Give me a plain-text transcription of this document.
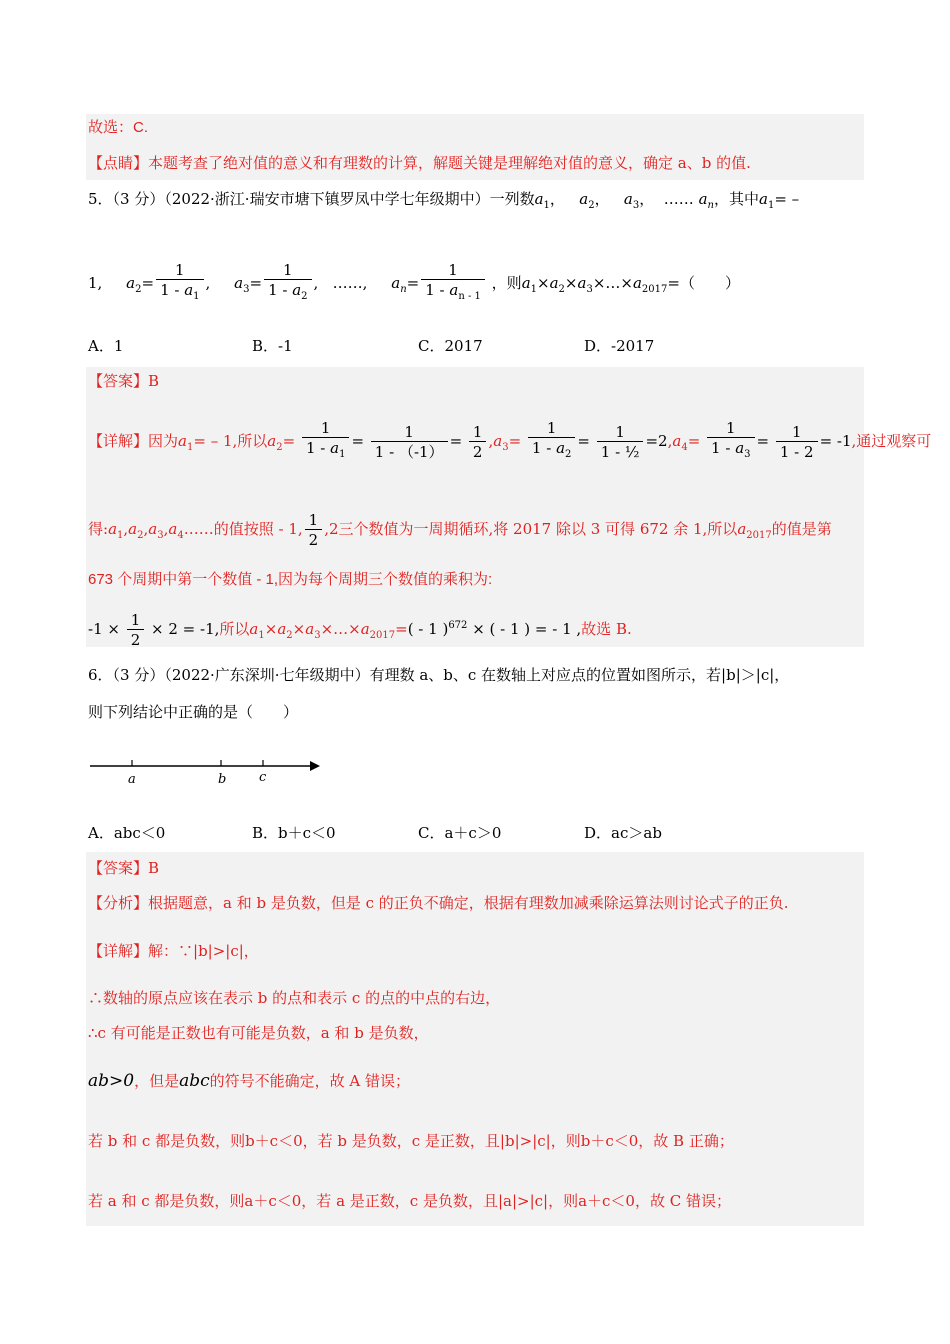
故选：C.
【点睛】本题考查了绝对值的意义和有理数的计算，解题关键是理解绝对值的意义，确定 a、b 的值.
5．（3 分）（2022·浙江·瑞安市塘下镇罗凤中学七年级期中）一列数$a_1$， $a_2$， $a_3$， …… $a_n$，其中$a_1=$ –
1, $a_2= \frac{1}{1 - a_1}$ ,     $a_3= \frac{1}{1 - a_2}$ ,   ……, $a_n= \frac{1}{1 - a_{n - 1}}$ ，则$a_1\times a_2\times a_3\times\dots\times a_{2017}=$（　　）
A．1	B．-1	C．2017	D．-2017
【答案】B
【详解】因为$a_1= - 1$,所以$a_2= \frac{1}{1 - a_1} = \frac{1}{1 - (-1)} = \frac{1}{2} ,a_3= \frac{1}{1 - a_2} = \frac{1}{\text{1 - ½}} =2,a_4= \frac{1}{1 - a_3} = \frac{1}{1 - 2} = -1$,通过观察可
得$:a_1,a_2,a_3,a_4\dots\dots$的值按照 - 1, $\frac{1}{2} ,2$三个数值为一周期循环,将 2017 除以 3 可得 672 余 1,所以$a_{2017}$的值是第
673 个周期中第一个数值 - 1,因为每个周期三个数值的乘积为:
$-1 \times \frac{1}{2} \times 2 = -1$,所以$a_1\times a_2\times a_3\times\dots\times a_{2017}=( - 1$ )$^{672}$ × ( - 1 ) = - 1 ,故选 B.
6．（3 分）（2022·广东深圳·七年级期中）有理数 a、b、c 在数轴上对应点的位置如图所示，若|b|＞|c|，
则下列结论中正确的是（　　）
a	b	c
A．abc＜0	B．b＋c＜0	C．a＋c＞0	D．ac＞ab
【答案】B
【分析】根据题意，a 和 b 是负数，但是 c 的正负不确定，根据有理数加减乘除运算法则讨论式子的正负.
【详解】解：∵|b|>|c|，
∴数轴的原点应该在表示 b 的点和表示 c 的点的中点的右边，
∴c 有可能是正数也有可能是负数，a 和 b 是负数，
ab>0，但是abc的符号不能确定，故 A 错误；
若 b 和 c 都是负数，则b＋c＜0，若 b 是负数，c 是正数，且|b|>|c|，则b＋c＜0，故 B 正确；
若 a 和 c 都是负数，则a＋c＜0，若 a 是正数，c 是负数，且|a|>|c|，则a＋c＜0，故 C 错误；
